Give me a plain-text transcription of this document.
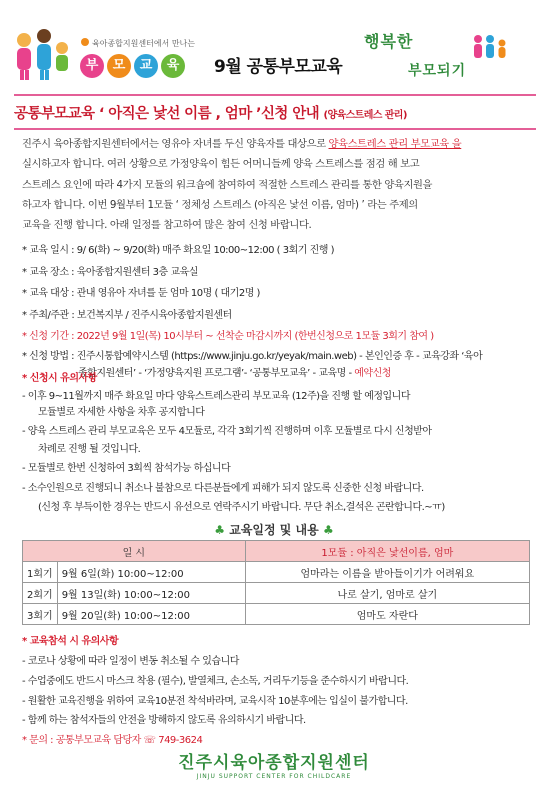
육아종합지원센터에서 만나는
부	모	교	육	9월 공통부모교육
행복한
부모되기
공통부모교육 ‘ 아직은 낯선 이름 , 엄마 ’신청 안내 (양육스트레스 관리)

진주시 육아종합지원센터에서는 영유아 자녀를 두신 양육자를 대상으로 양육스트레스 관리 부모교육 을

실시하고자 합니다. 여러 상황으로 가정양육이 힘든 어머니들께 양육 스트레스를 점검 해 보고

스트레스 요인에 따라 4가지 모듈의 워크숍에 참여하여 적절한 스트레스 관리를 통한 양육지원을

하고자 합니다. 이번 9월부터 1모듈 ‘ 정체성 스트레스 (아직은 낯선 이름, 엄마) ’ 라는 주제의

교육을 진행 합니다. 아래 일정를 참고하여 많은 참여 신청 바랍니다.

* 교육 일시 : 9/ 6(화) ~ 9/20(화) 매주 화요일 10:00~12:00 ( 3회기 진행 )
* 교육 장소 : 육아종합지원센터 3층 교육실
* 교육 대상 : 관내 영유아 자녀를 둔 엄마 10명 ( 대기2명 )
* 주최/주관 : 보건복지부 / 진주시육아종합지원센터
* 신청 기간 : 2022년 9월 1일(목) 10시부터 ~ 선착순 마감시까지 (한번신청으로 1모듈 3회기 참여 )
* 신청 방법 : 진주시통합예약시스템 (https://www.jinju.go.kr/yeyak/main.web) - 본인인증 후 - 교육강좌 ‘육아
종합지원센터’ - ‘가정양육지원 프로그램’- ‘공통부모교육’ - 교육명 - 예약신청
* 신청시 유의사항
- 이후 9~11월까지 매주 화요일 마다 양육스트레스관리 부모교육 (12주)을 진행 할 예정입니다
모듈별로 자세한 사항을 차후 공지합니다
- 양육 스트레스 관리 부모교육은 모두 4모듈로, 각각 3회기씩 진행하며 이후 모듈별로 다시 신청받아
차례로 진행 될 것입니다.
- 모듈별로 한번 신청하여 3회씩 참석가능 하십니다
- 소수인원으로 진행되니 취소나 불참으로 다른분들에게 피해가 되지 않도록 신중한 신청 바랍니다.
(신청 후 부득이한 경우는 반드시 유선으로 연락주시기 바랍니다. 무단 취소,결석은 곤란합니다.~ㅠ)
♣ 교육일정 및 내용 ♣
일 시		1모듈 : 아직은 낯선이름, 엄마
1회기	9월 6일(화) 10:00~12:00	엄마라는 이름을 받아들이기가 어려워요
2회기	9월 13일(화) 10:00~12:00	나로 살기, 엄마로 살기
3회기	9월 20일(화) 10:00~12:00	엄마도 자란다
* 교육참석 시 유의사항
- 코로나 상황에 따라 일정이 변동 취소될 수 있습니다
- 수업중에도 반드시 마스크 착용 (필수), 발열체크, 손소독, 거리두기등을 준수하시기 바랍니다.
- 원활한 교육진행을 위하여 교육10분전 착석바라며, 교육시작 10분후에는 입실이 불가합니다.
- 함께 하는 참석자들의 안전을 방해하지 않도록 유의하시기 바랍니다.
* 문의 : 공통부모교육 담당자 ☏ 749-3624
진주시육아종합지원센터
JINJU SUPPORT CENTER FOR CHILDCARE
